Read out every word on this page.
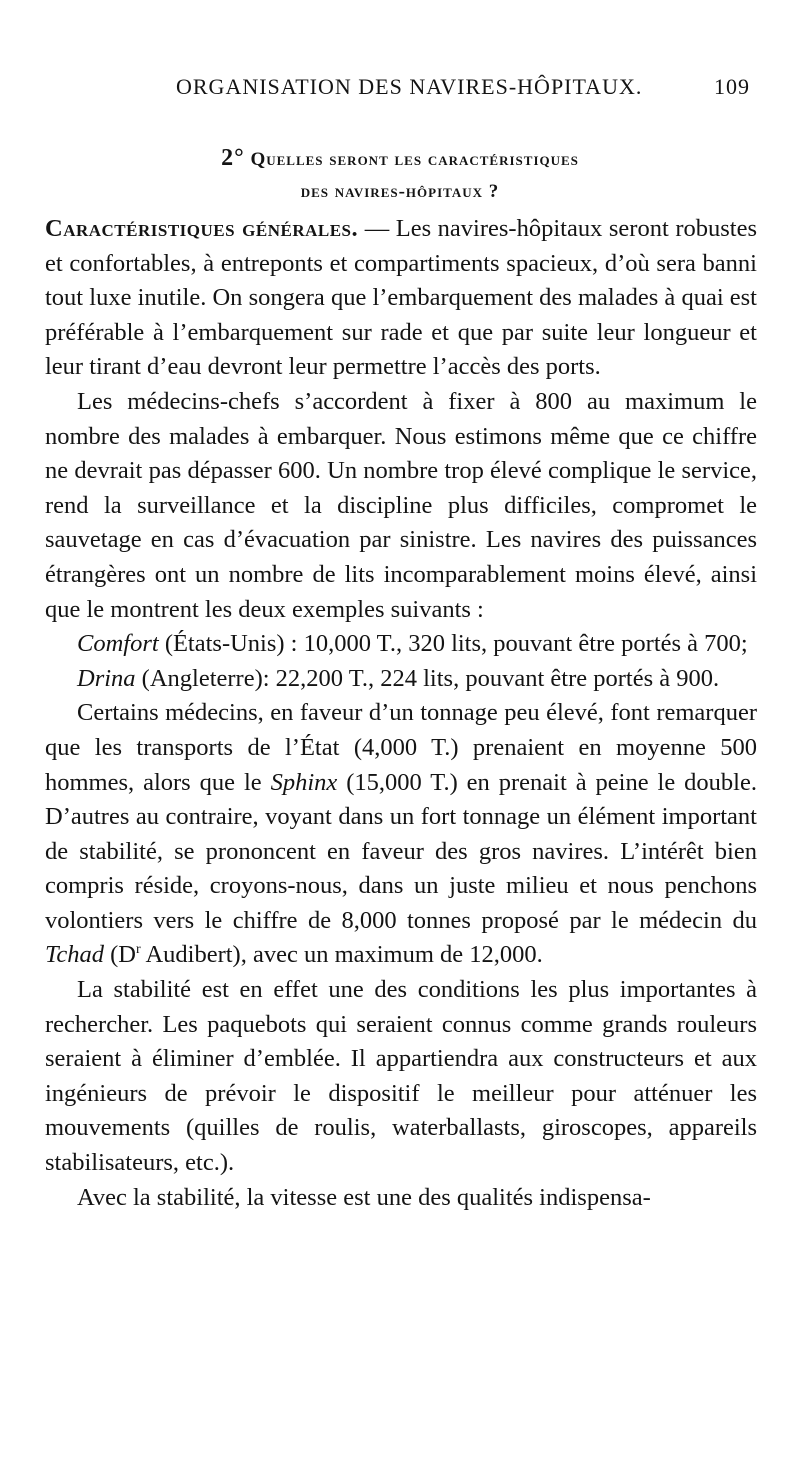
ORGANISATION DES NAVIRES-HÔPITAUX.	109
2° Quelles seront les caractéristiques
des navires-hôpitaux ?

Caractéristiques générales. — Les navires-hôpitaux seront robustes et confortables, à entreponts et compartiments spacieux, d’où sera banni tout luxe inutile. On songera que l’embarquement des malades à quai est préférable à l’embarquement sur rade et que par suite leur longueur et leur tirant d’eau devront leur permettre l’accès des ports.

Les médecins-chefs s’accordent à fixer à 800 au maximum le nombre des malades à embarquer. Nous estimons même que ce chiffre ne devrait pas dépasser 600. Un nombre trop élevé complique le service, rend la surveillance et la discipline plus difficiles, compromet le sauvetage en cas d’évacuation par sinistre. Les navires des puissances étrangères ont un nombre de lits incomparablement moins élevé, ainsi que le montrent les deux exemples suivants :

Comfort (États-Unis) : 10,000 T., 320 lits, pouvant être portés à 700;

Drina (Angleterre): 22,200 T., 224 lits, pouvant être portés à 900.

Certains médecins, en faveur d’un tonnage peu élevé, font remarquer que les transports de l’État (4,000 T.) prenaient en moyenne 500 hommes, alors que le Sphinx (15,000 T.) en prenait à peine le double. D’autres au contraire, voyant dans un fort tonnage un élément important de stabilité, se prononcent en faveur des gros navires. L’intérêt bien compris réside, croyons-nous, dans un juste milieu et nous penchons volontiers vers le chiffre de 8,000 tonnes proposé par le médecin du Tchad ($D^r$ Audibert), avec un maximum de 12,000.

La stabilité est en effet une des conditions les plus importantes à rechercher. Les paquebots qui seraient connus comme grands rouleurs seraient à éliminer d’emblée. Il appartiendra aux constructeurs et aux ingénieurs de prévoir le dispositif le meilleur pour atténuer les mouvements (quilles de roulis, waterballasts, giroscopes, appareils stabilisateurs, etc.).

Avec la stabilité, la vitesse est une des qualités indispensa-
